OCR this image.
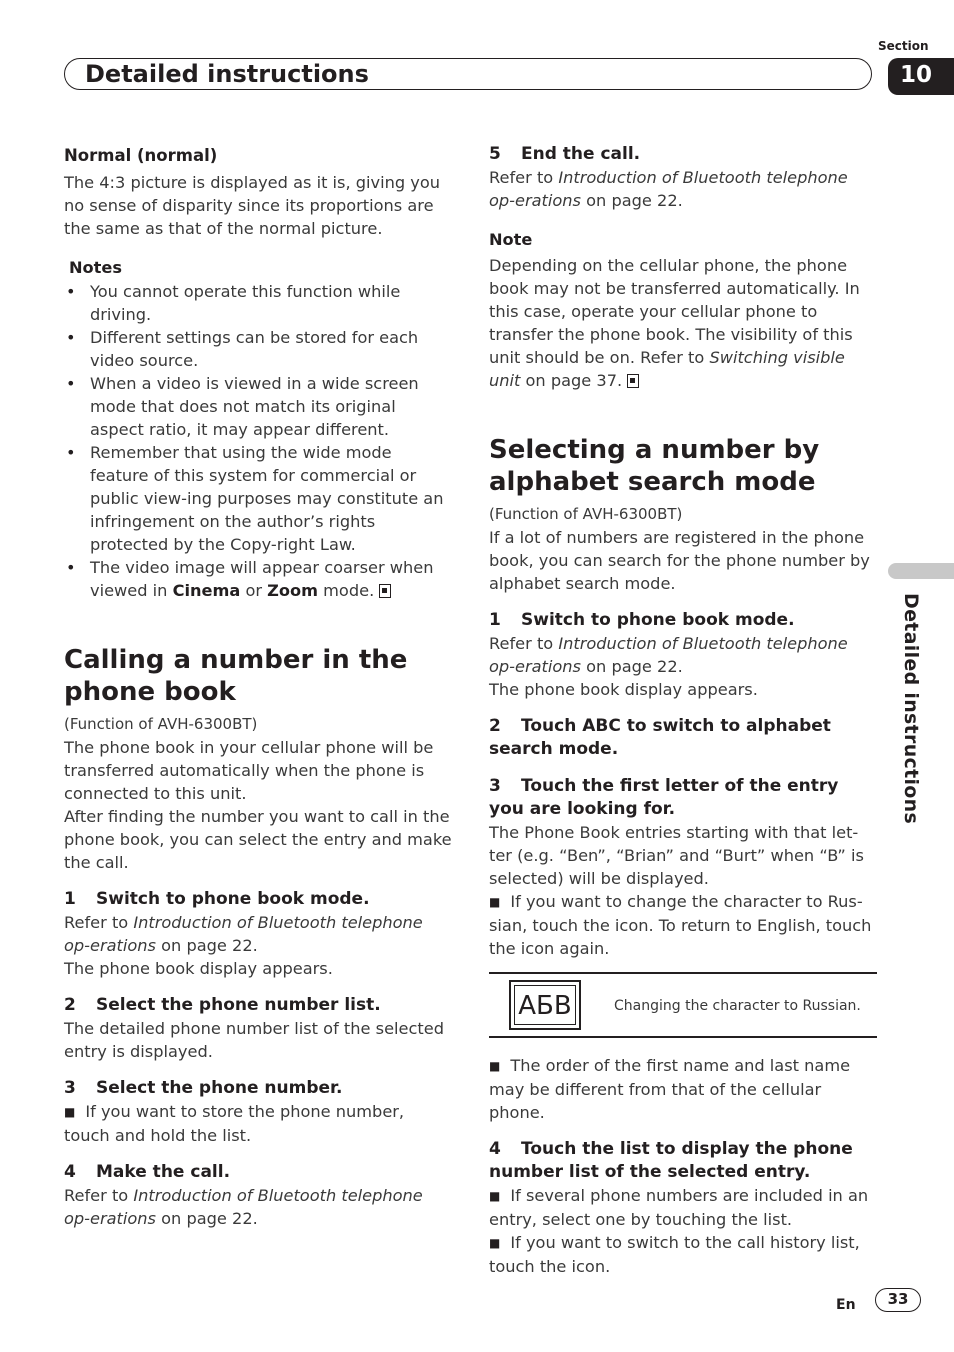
Detailed instructions
Section
10
Detailed instructions

Normal (normal)

The 4:3 picture is displayed as it is, giving you no sense of disparity since its proportions are the same as that of the normal picture.

Notes

• You cannot operate this function while driving.
• Different settings can be stored for each video source.
• When a video is viewed in a wide screen mode that does not match its original aspect ratio, it may appear different.
• Remember that using the wide mode feature of this system for commercial or public view-ing purposes may constitute an infringement on the author’s rights protected by the Copy-right Law.
• The video image will appear coarser when viewed in Cinema or Zoom mode.
Calling a number in the phone book

(Function of AVH-6300BT)

The phone book in your cellular phone will be transferred automatically when the phone is connected to this unit.

After finding the number you want to call in the phone book, you can select the entry and make the call.

1 Switch to phone book mode.

Refer to Introduction of Bluetooth telephone op-erations on page 22.

The phone book display appears.

2 Select the phone number list.

The detailed phone number list of the selected entry is displayed.

3 Select the phone number.

■ If you want to store the phone number, touch and hold the list.

4 Make the call.

Refer to Introduction of Bluetooth telephone op-erations on page 22.

5 End the call.

Refer to Introduction of Bluetooth telephone op-erations on page 22.

Note

Depending on the cellular phone, the phone book may not be transferred automatically. In this case, operate your cellular phone to transfer the phone book. The visibility of this unit should be on. Refer to Switching visible unit on page 37.

Selecting a number by alphabet search mode

(Function of AVH-6300BT)

If a lot of numbers are registered in the phone book, you can search for the phone number by alphabet search mode.

1 Switch to phone book mode.

Refer to Introduction of Bluetooth telephone op-erations on page 22.

The phone book display appears.

2 Touch ABC to switch to alphabet search mode.

3 Touch the first letter of the entry you are looking for.

The Phone Book entries starting with that let-ter (e.g. “Ben”, “Brian” and “Burt” when “B” is selected) will be displayed.

■ If you want to change the character to Rus-sian, touch the icon. To return to English, touch the icon again.

АБВ	Changing the character to Russian.

■ The order of the first name and last name may be different from that of the cellular phone.

4 Touch the list to display the phone number list of the selected entry.

■ If several phone numbers are included in an entry, select one by touching the list.

■ If you want to switch to the call history list, touch the icon.

En	33
